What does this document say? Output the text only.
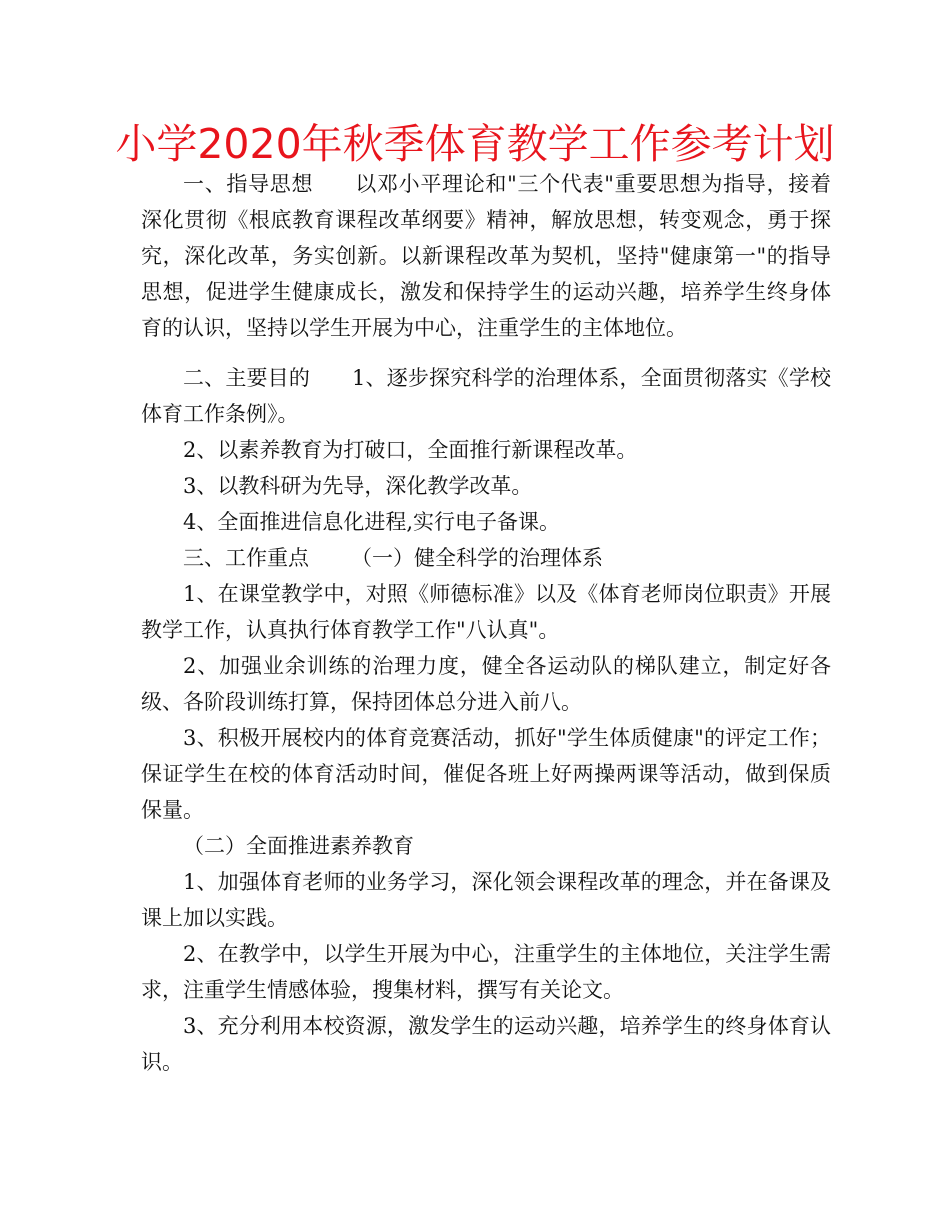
小学2020年秋季体育教学工作参考计划

一、指导思想 以邓小平理论和"三个代表"重要思想为指导，接着深化贯彻《根底教育课程改革纲要》精神，解放思想，转变观念，勇于探究，深化改革，务实创新。以新课程改革为契机，坚持"健康第一"的指导思想，促进学生健康成长，激发和保持学生的运动兴趣，培养学生终身体育的认识，坚持以学生开展为中心，注重学生的主体地位。

二、主要目的 1、逐步探究科学的治理体系，全面贯彻落实《学校体育工作条例》。

2、以素养教育为打破口，全面推行新课程改革。

3、以教科研为先导，深化教学改革。

4、全面推进信息化进程,实行电子备课。

三、工作重点 （一）健全科学的治理体系

1、在课堂教学中，对照《师德标准》以及《体育老师岗位职责》开展教学工作，认真执行体育教学工作"八认真"。

2、加强业余训练的治理力度，健全各运动队的梯队建立，制定好各级、各阶段训练打算，保持团体总分进入前八。

3、积极开展校内的体育竞赛活动，抓好"学生体质健康"的评定工作；保证学生在校的体育活动时间，催促各班上好两操两课等活动，做到保质保量。

（二）全面推进素养教育

1、加强体育老师的业务学习，深化领会课程改革的理念，并在备课及课上加以实践。

2、在教学中，以学生开展为中心，注重学生的主体地位，关注学生需求，注重学生情感体验，搜集材料，撰写有关论文。

3、充分利用本校资源，激发学生的运动兴趣，培养学生的终身体育认识。
